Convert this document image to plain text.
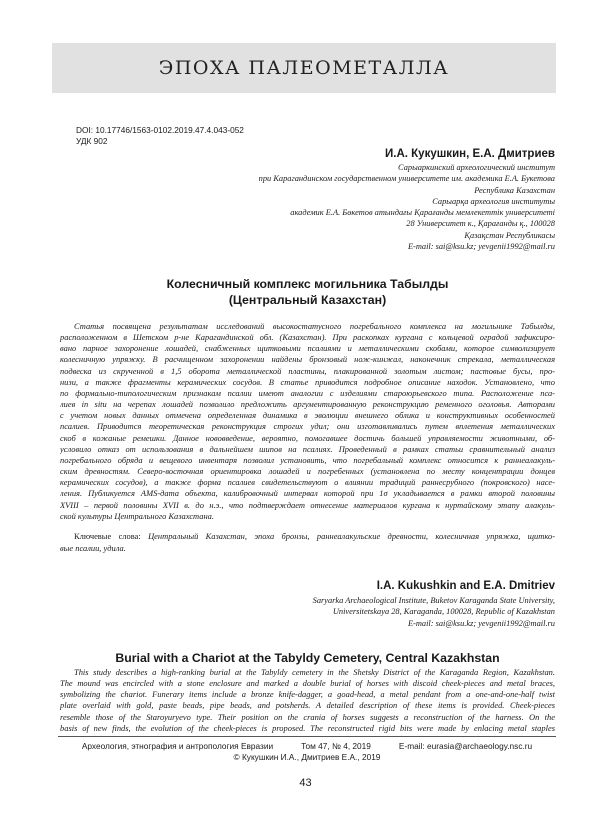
ЭПОХА ПАЛЕОМЕТАЛЛА
DOI: 10.17746/1563-0102.2019.47.4.043-052
УДК 902
И.А. Кукушкин, Е.А. Дмитриев
Сарыаркинский археологический институт
при Карагандинском государственном университете им. академика Е.А. Букетова
Республика Казахстан
Сарыарқа археология институты
академик Е.А. Бөкетов атындағы Қарағанды мемлекеттік университеті
28 Университет к., Қарағанды қ., 100028
Қазақстан Республикасы
E-mail: sai@ksu.kz; yevgenii1992@mail.ru
Колесничный комплекс могильника Табылды
(Центральный Казахстан)
Статья посвящена результатам исследований высокостатусного погребального комплекса на могильнике Табылды,
расположенном в Шетском р-не Карагандинской обл. (Казахстан). При раскопках кургана с кольцевой оградой зафиксиро-
вано парное захоронение лошадей, снабженных щитковыми псалиями и металлическими скобами, которое символизирует
колесничную упряжку. В расчищенном захоронении найдены бронзовый нож-кинжал, наконечник стрекала, металлическая
подвеска из скрученной в 1,5 оборота металлической пластины, плакированной золотым листом; пастовые бусы, про-
низи, а также фрагменты керамических сосудов. В статье приводится подробное описание находок. Установлено, что
по формально-типологическим признакам псалии имеют аналогии с изделиями староюрьевского типа. Расположение пса-
лиев in situ на черепах лошадей позволило предложить аргументированную реконструкцию ременного оголовья. Авторами
с учетом новых данных отмечена определенная динамика в эволюции внешнего облика и конструктивных особенностей
псалиев. Приводится теоретическая реконструкция строгих удил; они изготавливались путем вплетения металлических
скоб в кожаные ремешки. Данное нововведение, вероятно, помогавшее достичь большей управляемости животными, об-
условило отказ от использования в дальнейшем шипов на псалиях. Проведенный в рамках статьи сравнительный анализ
погребального обряда и вещевого инвентаря позволил установить, что погребальный комплекс относится к раннеалакуль-
ским древностям. Северо-восточная ориентировка лошадей и погребенных (установлена по месту концентрации донцев
керамических сосудов), а также форма псалиев свидетельствуют о влиянии традиций раннесрубного (покровского) насе-
ления. Публикуется AMS-дата объекта, калибровочный интервал которой при 1σ укладывается в рамки второй половины
XVIII – первой половины XVII в. до н.э., что подтверждает отнесение материалов кургана к нуртайскому этапу алакуль-
ской культуры Центрального Казахстана.
Ключевые слова: Центральный Казахстан, эпоха бронзы, раннеалакульские древности, колесничная упряжка, щитко-
вые псалии, удила.
I.A. Kukushkin and E.A. Dmitriev
Saryarka Archaeological Institute, Buketov Karaganda State University,
Universitetskaya 28, Karaganda, 100028, Republic of Kazakhstan
E-mail: sai@ksu.kz; yevgenii1992@mail.ru
Burial with a Chariot at the Tabyldy Cemetery, Central Kazakhstan
This study describes a high-ranking burial at the Tabyldy cemetery in the Shetsky District of the Karaganda Region, Kazakhstan.
The mound was encircled with a stone enclosure and marked a double burial of horses with discoid cheek-pieces and metal braces,
symbolizing the chariot. Funerary items include a bronze knife-dagger, a goad-head, a metal pendant from a one-and-one-half twist
plate overlaid with gold, paste beads, pipe beads, and potsherds. A detailed description of these items is provided. Cheek-pieces
resemble those of the Staroyuryevo type. Their position on the crania of horses suggests a reconstruction of the harness. On the
basis of new finds, the evolution of the cheek-pieces is proposed. The reconstructed rigid bits were made by enlacing metal staples
Археология, этнография и антропология Евразии	Том 47, № 4, 2019	E-mail: eurasia@archaeology.nsc.ru
© Кукушкин И.А., Дмитриев Е.А., 2019
43
